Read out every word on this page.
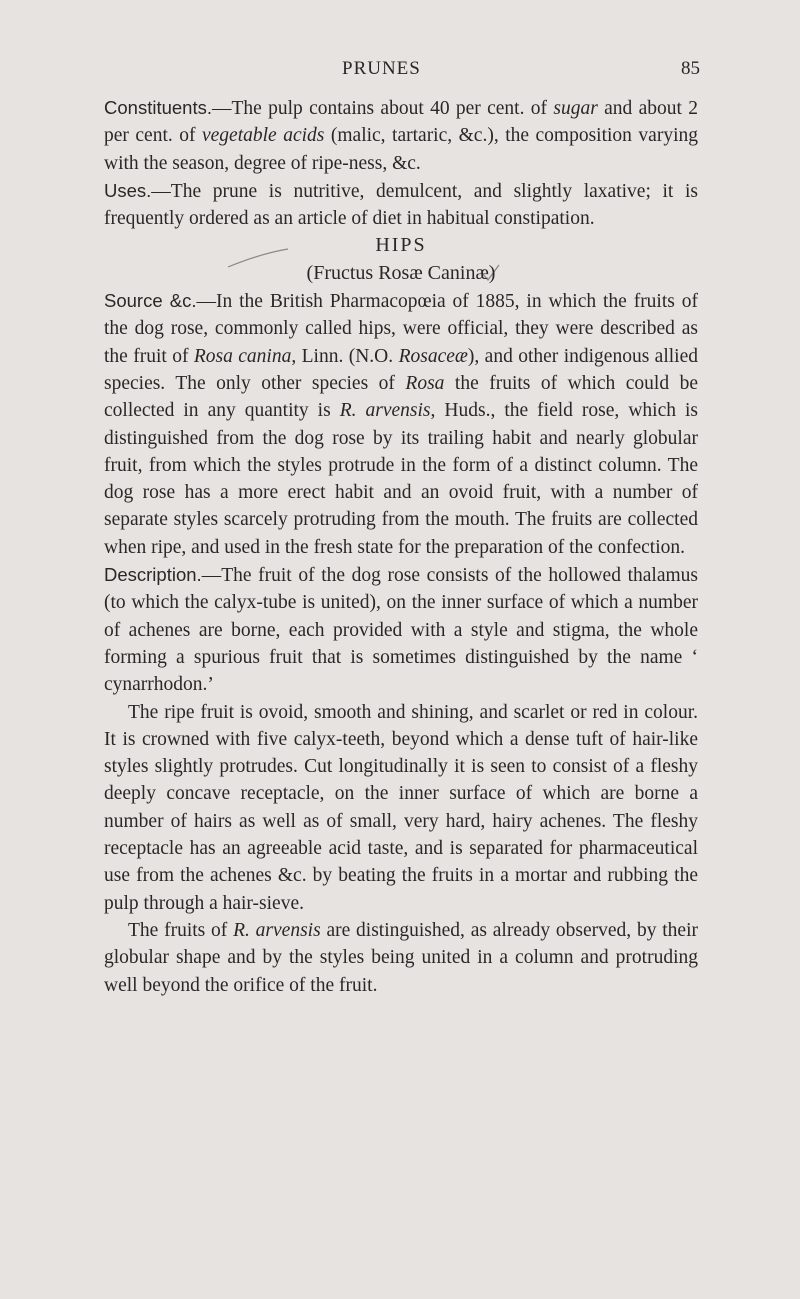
PRUNES	85

Constituents.—The pulp contains about 40 per cent. of sugar and about 2 per cent. of vegetable acids (malic, tartaric, &c.), the composition varying with the season, degree of ripe-ness, &c.

Uses.—The prune is nutritive, demulcent, and slightly laxative; it is frequently ordered as an article of diet in habitual constipation.

HIPS

(Fructus Rosæ Caninæ)

Source &c.—In the British Pharmacopœia of 1885, in which the fruits of the dog rose, commonly called hips, were official, they were described as the fruit of Rosa canina, Linn. (N.O. Rosaceæ), and other indigenous allied species. The only other species of Rosa the fruits of which could be collected in any quantity is R. arvensis, Huds., the field rose, which is distinguished from the dog rose by its trailing habit and nearly globular fruit, from which the styles protrude in the form of a distinct column. The dog rose has a more erect habit and an ovoid fruit, with a number of separate styles scarcely protruding from the mouth. The fruits are collected when ripe, and used in the fresh state for the preparation of the confection.

Description.—The fruit of the dog rose consists of the hollowed thalamus (to which the calyx-tube is united), on the inner surface of which a number of achenes are borne, each provided with a style and stigma, the whole forming a spurious fruit that is sometimes distinguished by the name ‘ cynarrhodon.’

The ripe fruit is ovoid, smooth and shining, and scarlet or red in colour. It is crowned with five calyx-teeth, beyond which a dense tuft of hair-like styles slightly protrudes. Cut longitudinally it is seen to consist of a fleshy deeply concave receptacle, on the inner surface of which are borne a number of hairs as well as of small, very hard, hairy achenes. The fleshy receptacle has an agreeable acid taste, and is separated for pharmaceutical use from the achenes &c. by beating the fruits in a mortar and rubbing the pulp through a hair-sieve.

The fruits of R. arvensis are distinguished, as already observed, by their globular shape and by the styles being united in a column and protruding well beyond the orifice of the fruit.
